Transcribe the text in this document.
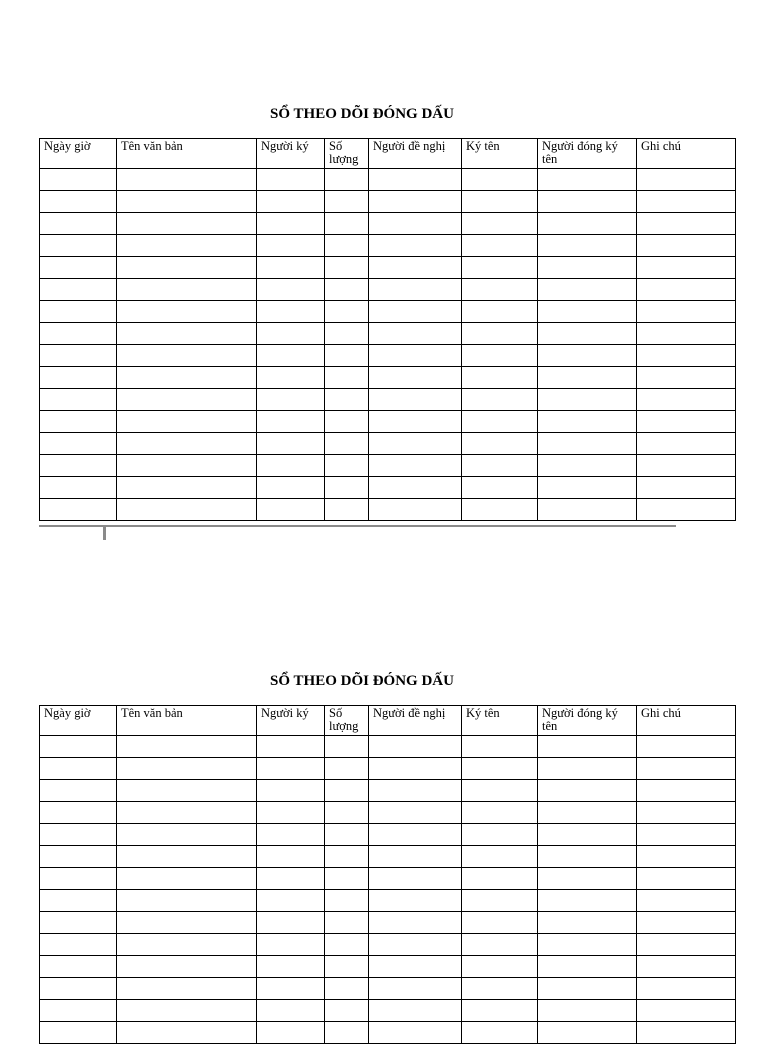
SỔ THEO DÕI ĐÓNG DẤU
Ngày giờ	Tên văn bản	Người ký	Số lượng	Người đề nghị	Ký tên	Người đóng ký tên	Ghi chú

SỔ THEO DÕI ĐÓNG DẤU
Ngày giờ	Tên văn bản	Người ký	Số lượng	Người đề nghị	Ký tên	Người đóng ký tên	Ghi chú
